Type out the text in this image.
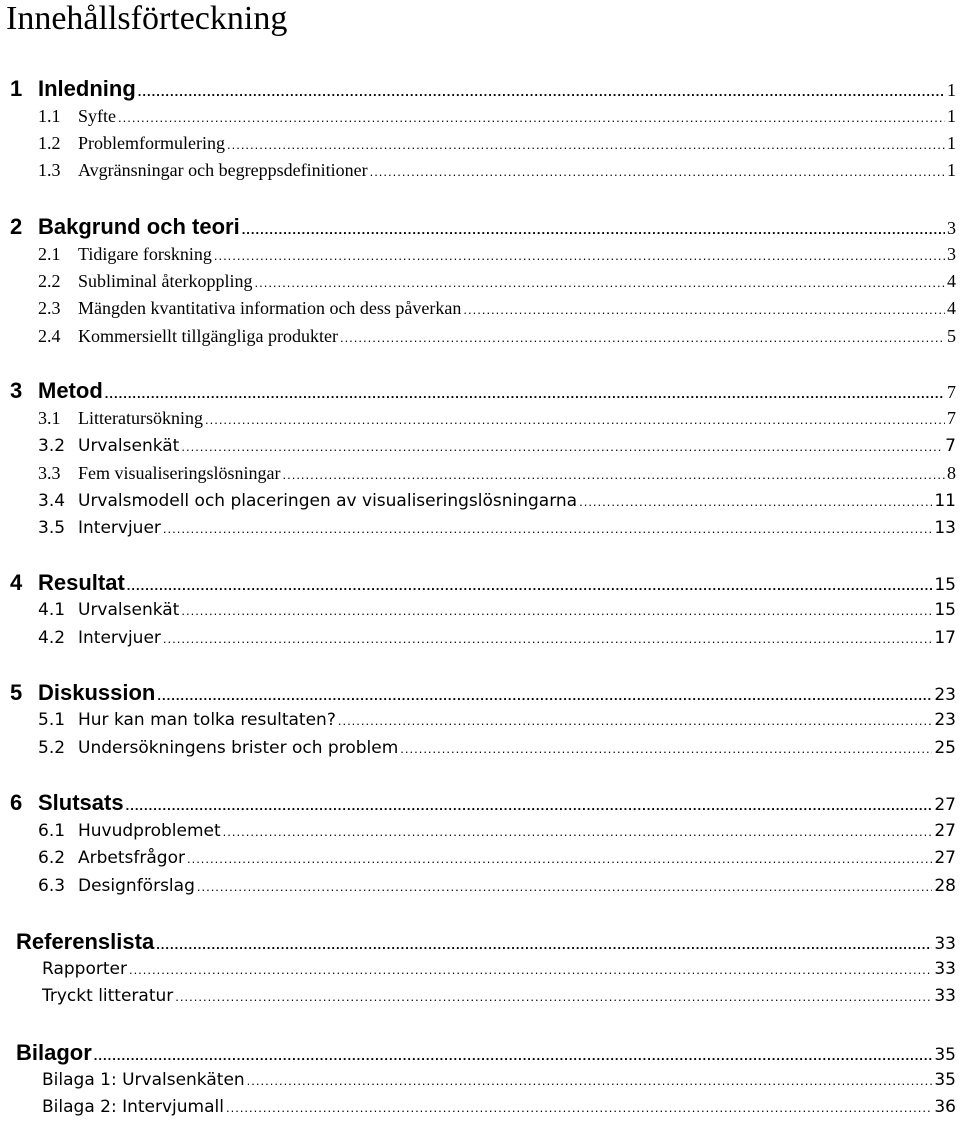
Innehållsförteckning
1 Inledning .....	1
1.1 Syfte .....	1
1.2 Problemformulering .....	1
1.3 Avgränsningar och begreppsdefinitioner .....	1
2 Bakgrund och teori .....	3
2.1 Tidigare forskning .....	3
2.2 Subliminal återkoppling .....	4
2.3 Mängden kvantitativa information och dess påverkan .....	4
2.4 Kommersiellt tillgängliga produkter .....	5
3 Metod .....	7
3.1 Litteratursökning .....	7
3.2 Urvalsenkät .....	7
3.3 Fem visualiseringslösningar .....	8
3.4 Urvalsmodell och placeringen av visualiseringslösningarna .....	11
3.5 Intervjuer .....	13
4 Resultat .....	15
4.1 Urvalsenkät .....	15
4.2 Intervjuer .....	17
5 Diskussion .....	23
5.1 Hur kan man tolka resultaten? .....	23
5.2 Undersökningens brister och problem .....	25
6 Slutsats .....	27
6.1 Huvudproblemet .....	27
6.2 Arbetsfrågor .....	27
6.3 Designförslag .....	28
Referenslista .....	33
Rapporter .....	33
Tryckt litteratur .....	33
Bilagor .....	35
Bilaga 1: Urvalsenkäten .....	35
Bilaga 2: Intervjumall .....	36
